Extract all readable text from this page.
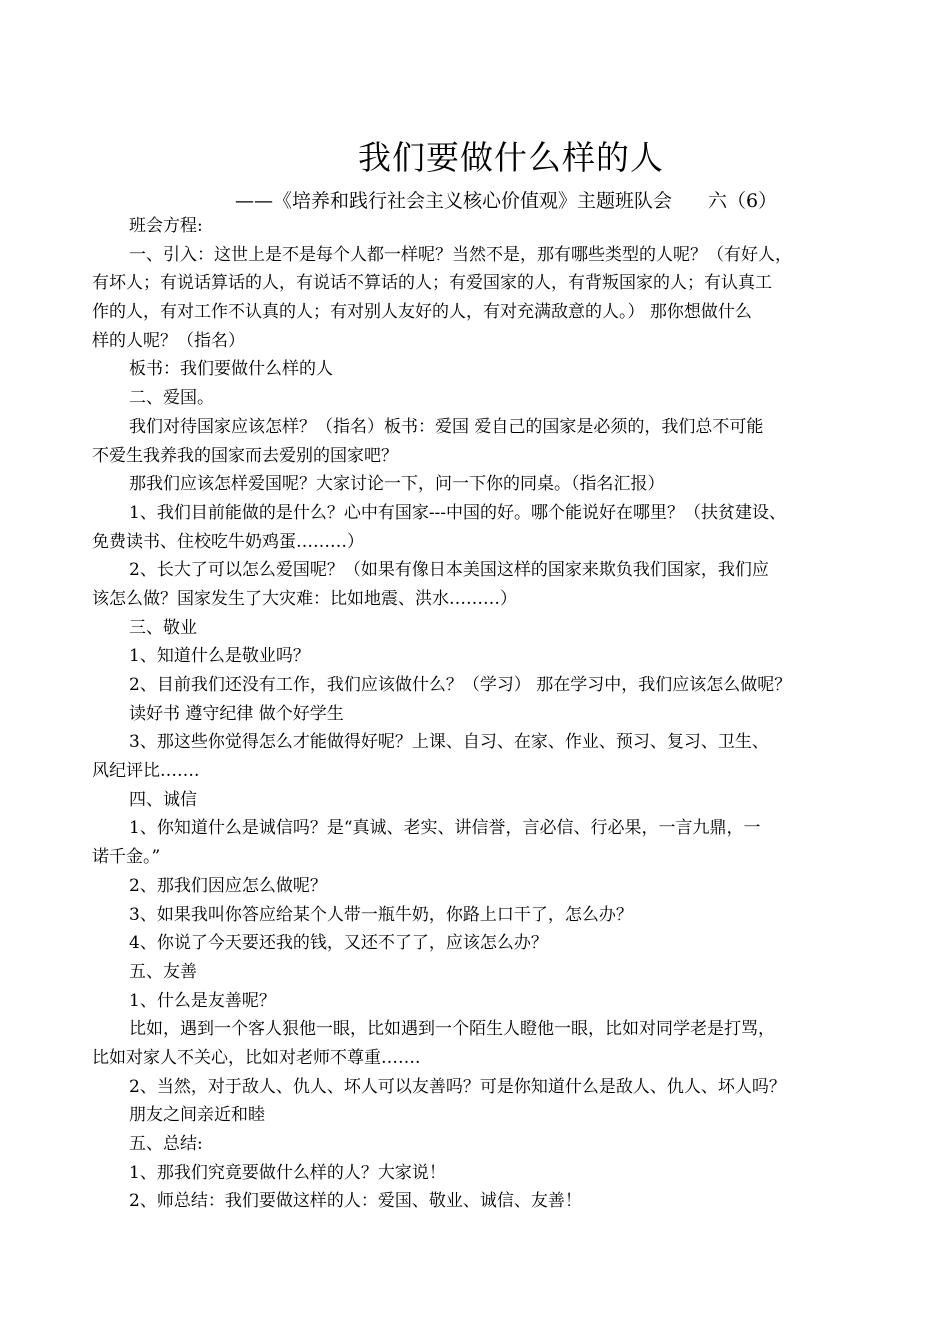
我们要做什么样的人
——《培养和践行社会主义核心价值观》主题班队会 六（6）
班会方程:
一、引入：这世上是不是每个人都一样呢？当然不是，那有哪些类型的人呢？（有好人，
有坏人；有说话算话的人，有说话不算话的人；有爱国家的人，有背叛国家的人；有认真工
作的人，有对工作不认真的人；有对别人友好的人，有对充满敌意的人。） 那你想做什么
样的人呢？（指名）
板书：我们要做什么样的人
二、爱国。
我们对待国家应该怎样？（指名）板书：爱国 爱自己的国家是必须的，我们总不可能
不爱生我养我的国家而去爱别的国家吧？
那我们应该怎样爱国呢？大家讨论一下，问一下你的同桌。（指名汇报）
1、我们目前能做的是什么？心中有国家---中国的好。哪个能说好在哪里？（扶贫建设、
免费读书、住校吃牛奶鸡蛋………）
2、长大了可以怎么爱国呢？（如果有像日本美国这样的国家来欺负我们国家，我们应
该怎么做？国家发生了大灾难：比如地震、洪水………）
三、敬业
1、知道什么是敬业吗？
2、目前我们还没有工作，我们应该做什么？（学习） 那在学习中，我们应该怎么做呢？
读好书 遵守纪律 做个好学生
3、那这些你觉得怎么才能做得好呢？上课、自习、在家、作业、预习、复习、卫生、
风纪评比…….
四、诚信
1、你知道什么是诚信吗？是“真诚、老实、讲信誉，言必信、行必果，一言九鼎，一
诺千金。”
2、那我们因应怎么做呢？
3、如果我叫你答应给某个人带一瓶牛奶，你路上口干了，怎么办？
4、你说了今天要还我的钱，又还不了了，应该怎么办？
五、友善
1、什么是友善呢？
比如，遇到一个客人狠他一眼，比如遇到一个陌生人瞪他一眼，比如对同学老是打骂，
比如对家人不关心，比如对老师不尊重…….
2、当然，对于敌人、仇人、坏人可以友善吗？可是你知道什么是敌人、仇人、坏人吗？
朋友之间亲近和睦
五、总结:
1、那我们究竟要做什么样的人？大家说！
2、师总结：我们要做这样的人：爱国、敬业、诚信、友善！
